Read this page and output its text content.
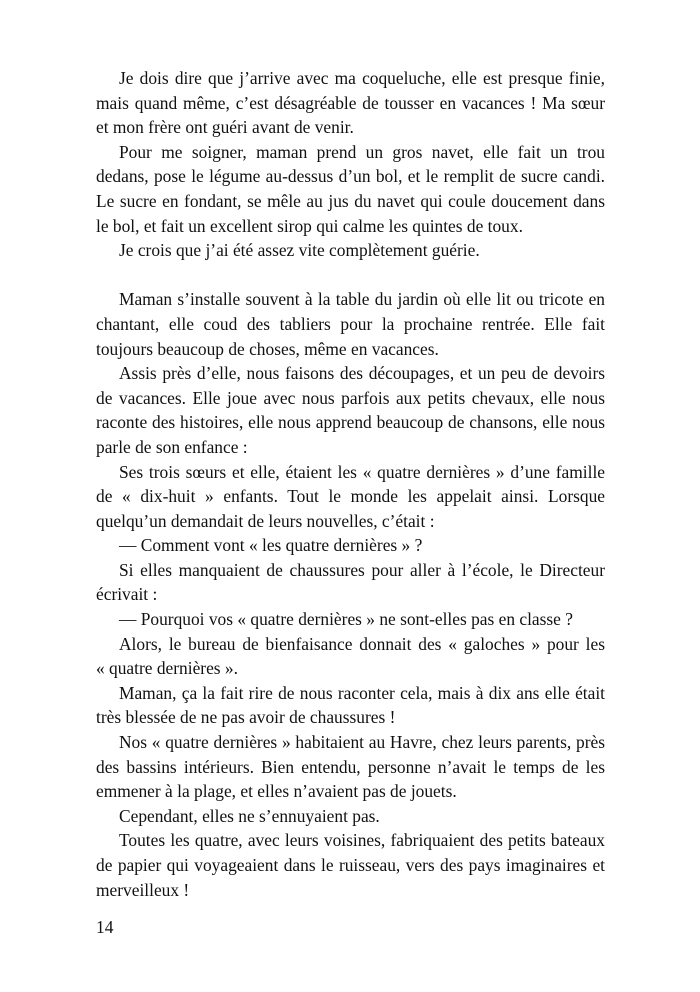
Je dois dire que j’arrive avec ma coqueluche, elle est presque finie, mais quand même, c’est désagréable de tousser en vacances ! Ma sœur et mon frère ont guéri avant de venir.

Pour me soigner, maman prend un gros navet, elle fait un trou dedans, pose le légume au-dessus d’un bol, et le remplit de sucre candi. Le sucre en fondant, se mêle au jus du navet qui coule doucement dans le bol, et fait un excellent sirop qui calme les quintes de toux.

Je crois que j’ai été assez vite complètement guérie.

Maman s’installe souvent à la table du jardin où elle lit ou tricote en chantant, elle coud des tabliers pour la prochaine rentrée. Elle fait toujours beaucoup de choses, même en vacances.

Assis près d’elle, nous faisons des découpages, et un peu de devoirs de vacances. Elle joue avec nous parfois aux petits chevaux, elle nous raconte des histoires, elle nous apprend beaucoup de chansons, elle nous parle de son enfance :

Ses trois sœurs et elle, étaient les « quatre dernières » d’une famille de « dix-huit » enfants. Tout le monde les appelait ainsi. Lorsque quelqu’un demandait de leurs nouvelles, c’était :

— Comment vont « les quatre dernières » ?

Si elles manquaient de chaussures pour aller à l’école, le Directeur écrivait :

— Pourquoi vos « quatre dernières » ne sont-elles pas en classe ?

Alors, le bureau de bienfaisance donnait des « galoches » pour les « quatre dernières ».

Maman, ça la fait rire de nous raconter cela, mais à dix ans elle était très blessée de ne pas avoir de chaussures !

Nos « quatre dernières » habitaient au Havre, chez leurs parents, près des bassins intérieurs. Bien entendu, personne n’avait le temps de les emmener à la plage, et elles n’avaient pas de jouets.

Cependant, elles ne s’ennuyaient pas.

Toutes les quatre, avec leurs voisines, fabriquaient des petits bateaux de papier qui voyageaient dans le ruisseau, vers des pays imaginaires et merveilleux !

14
